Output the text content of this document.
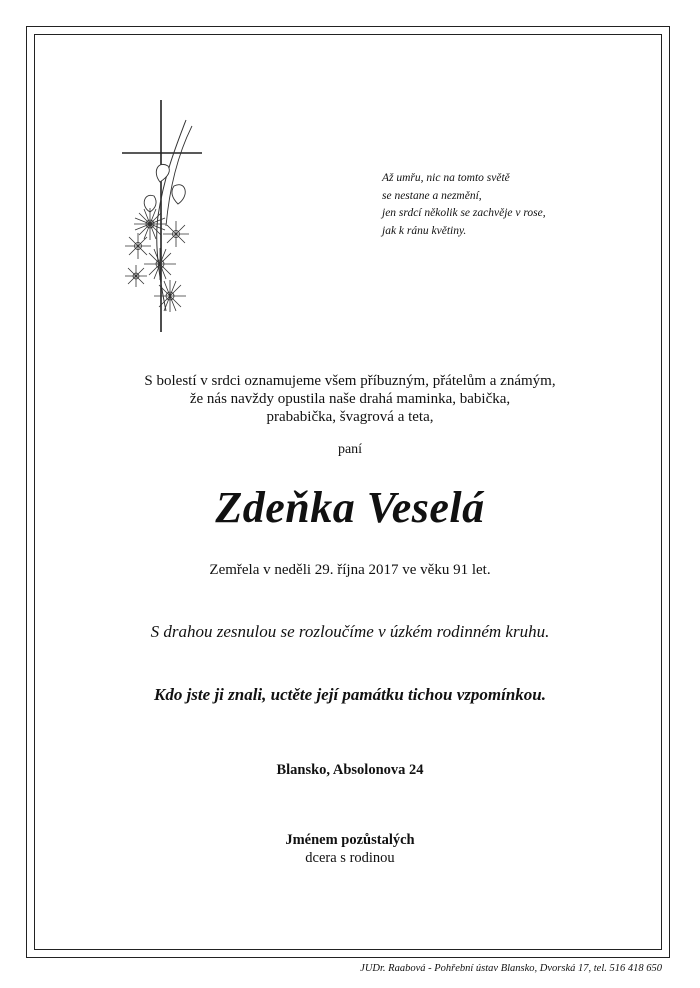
Až umřu, nic na tomto světě
se nestane a nezmění,
jen srdcí několik se zachvěje v rose,
jak k ránu květiny.
S bolestí v srdci oznamujeme všem příbuzným, přátelům a známým,
že nás navždy opustila naše drahá maminka, babička,
prababička, švagrová a teta,
paní
Zdeňka Veselá
Zemřela v neděli 29. října 2017 ve věku 91 let.
S drahou zesnulou se rozloučíme v úzkém rodinném kruhu.
Kdo jste ji znali, uctěte její památku tichou vzpomínkou.
Blansko, Absolonova 24
Jménem pozůstalých
dcera s rodinou
JUDr. Raabová - Pohřební ústav Blansko, Dvorská 17, tel. 516 418 650
